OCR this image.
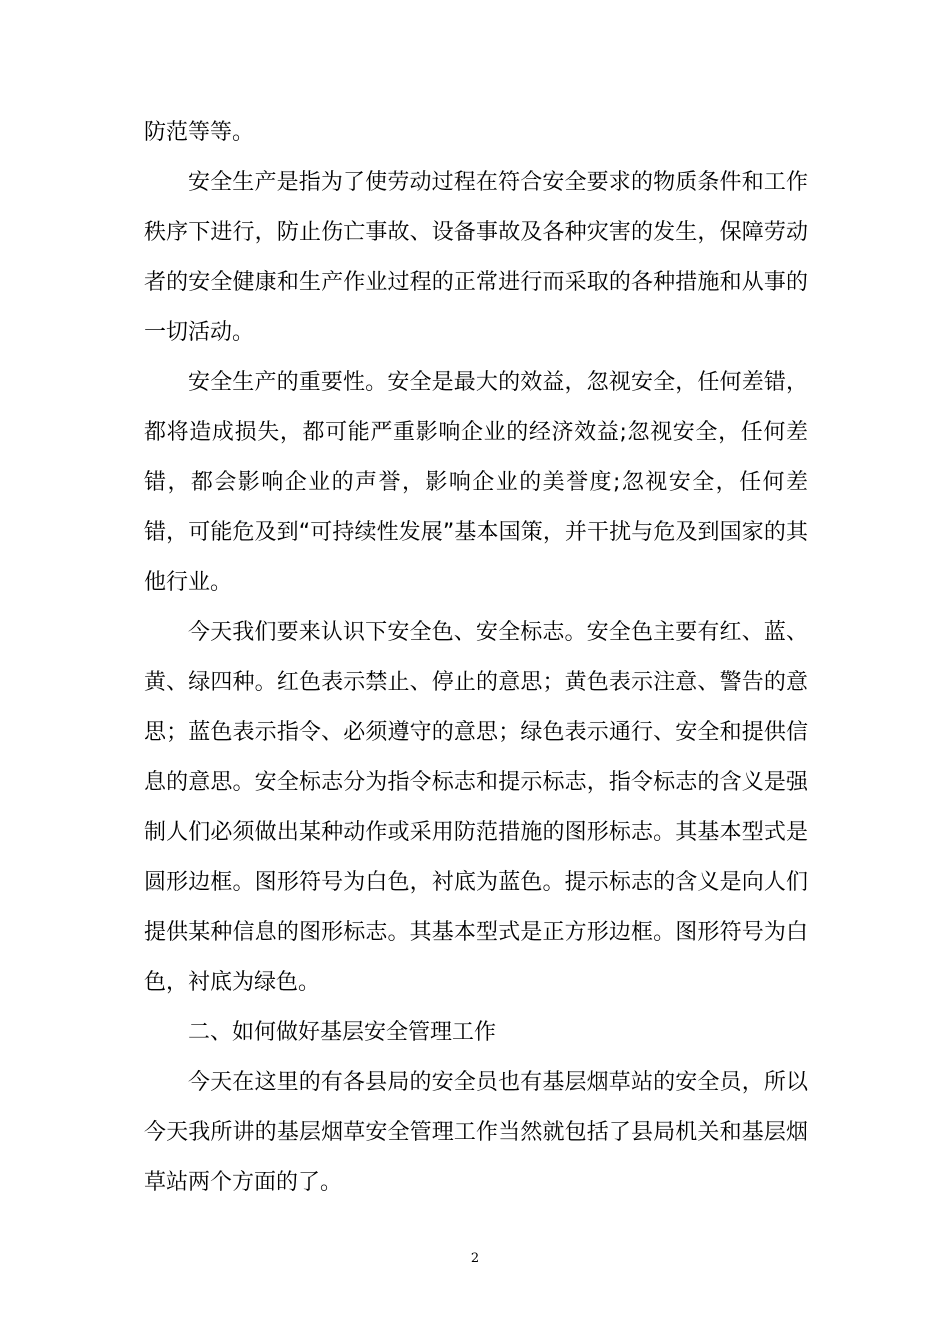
防范等等。

安全生产是指为了使劳动过程在符合安全要求的物质条件和工作秩序下进行，防止伤亡事故、设备事故及各种灾害的发生，保障劳动者的安全健康和生产作业过程的正常进行而采取的各种措施和从事的一切活动。

安全生产的重要性。安全是最大的效益，忽视安全，任何差错，都将造成损失，都可能严重影响企业的经济效益;忽视安全，任何差错，都会影响企业的声誉，影响企业的美誉度;忽视安全，任何差错，可能危及到“可持续性发展”基本国策，并干扰与危及到国家的其他行业。

今天我们要来认识下安全色、安全标志。安全色主要有红、蓝、黄、绿四种。红色表示禁止、停止的意思；黄色表示注意、警告的意思；蓝色表示指令、必须遵守的意思；绿色表示通行、安全和提供信息的意思。安全标志分为指令标志和提示标志，指令标志的含义是强制人们必须做出某种动作或采用防范措施的图形标志。其基本型式是圆形边框。图形符号为白色，衬底为蓝色。提示标志的含义是向人们提供某种信息的图形标志。其基本型式是正方形边框。图形符号为白色，衬底为绿色。

二、如何做好基层安全管理工作

今天在这里的有各县局的安全员也有基层烟草站的安全员，所以今天我所讲的基层烟草安全管理工作当然就包括了县局机关和基层烟草站两个方面的了。

2
